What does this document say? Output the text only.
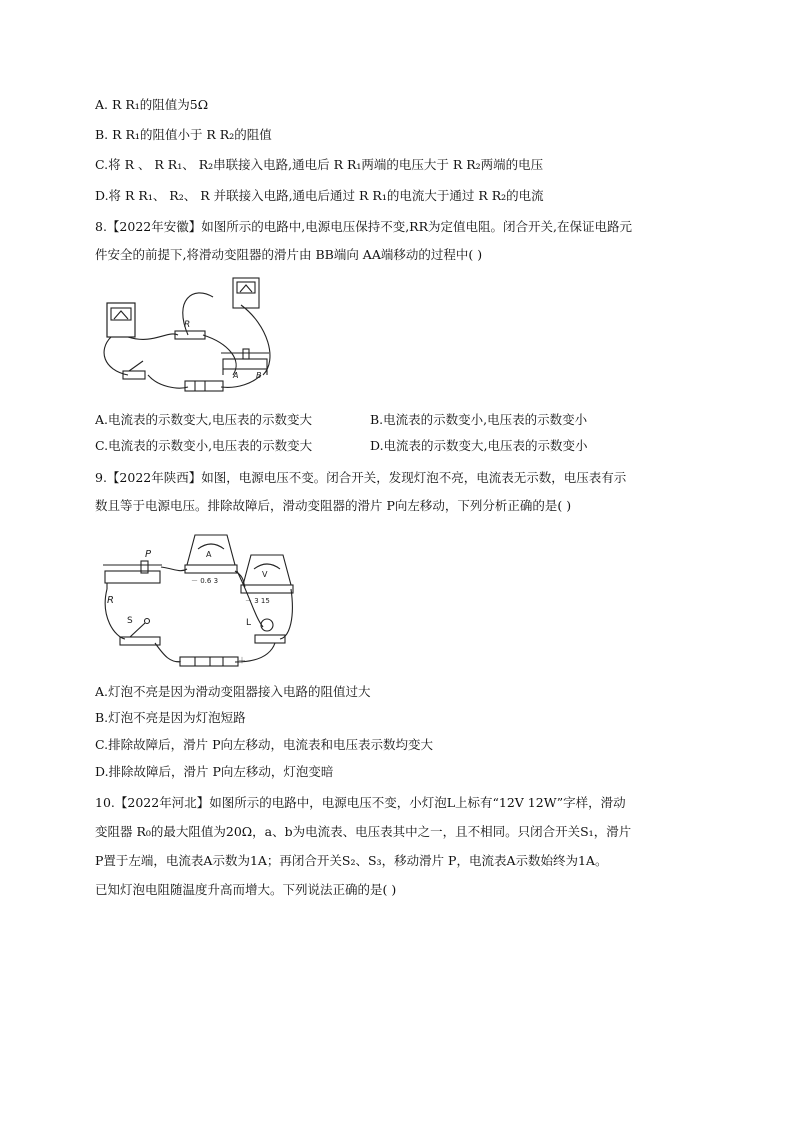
A. R R₁的阻值为5Ω
B. R R₁的阻值小于 R R₂的阻值
C.将 R 、 R R₁、 R₂串联接入电路,通电后 R R₁两端的电压大于 R R₂两端的电压
D.将 R R₁、 R₂、 R 并联接入电路,通电后通过 R R₁的电流大于通过 R R₂的电流
8.【2022年安徽】如图所示的电路中,电源电压保持不变,RR为定值电阻。闭合开关,在保证电路元
件安全的前提下,将滑动变阻器的滑片由 BB端向 AA端移动的过程中( )
R
A B
A.电流表的示数变大,电压表的示数变大	B.电流表的示数变小,电压表的示数变小
C.电流表的示数变小,电压表的示数变大	D.电流表的示数变大,电压表的示数变小
9.【2022年陕西】如图，电源电压不变。闭合开关，发现灯泡不亮，电流表无示数，电压表有示
数且等于电源电压。排除故障后，滑动变阻器的滑片 P向左移动，下列分析正确的是( )
P
R
S	L
A
－ 0.6 3
V
－ 3 15
－	＋
A.灯泡不亮是因为滑动变阻器接入电路的阻值过大
B.灯泡不亮是因为灯泡短路
C.排除故障后，滑片 P向左移动，电流表和电压表示数均变大
D.排除故障后，滑片 P向左移动，灯泡变暗
10.【2022年河北】如图所示的电路中，电源电压不变，小灯泡L上标有“12V 12W”字样，滑动
变阻器 R₀的最大阻值为20Ω，a、b为电流表、电压表其中之一，且不相同。只闭合开关S₁，滑片
P置于左端，电流表A示数为1A；再闭合开关S₂、S₃，移动滑片 P，电流表A示数始终为1A。
已知灯泡电阻随温度升高而增大。下列说法正确的是( )
